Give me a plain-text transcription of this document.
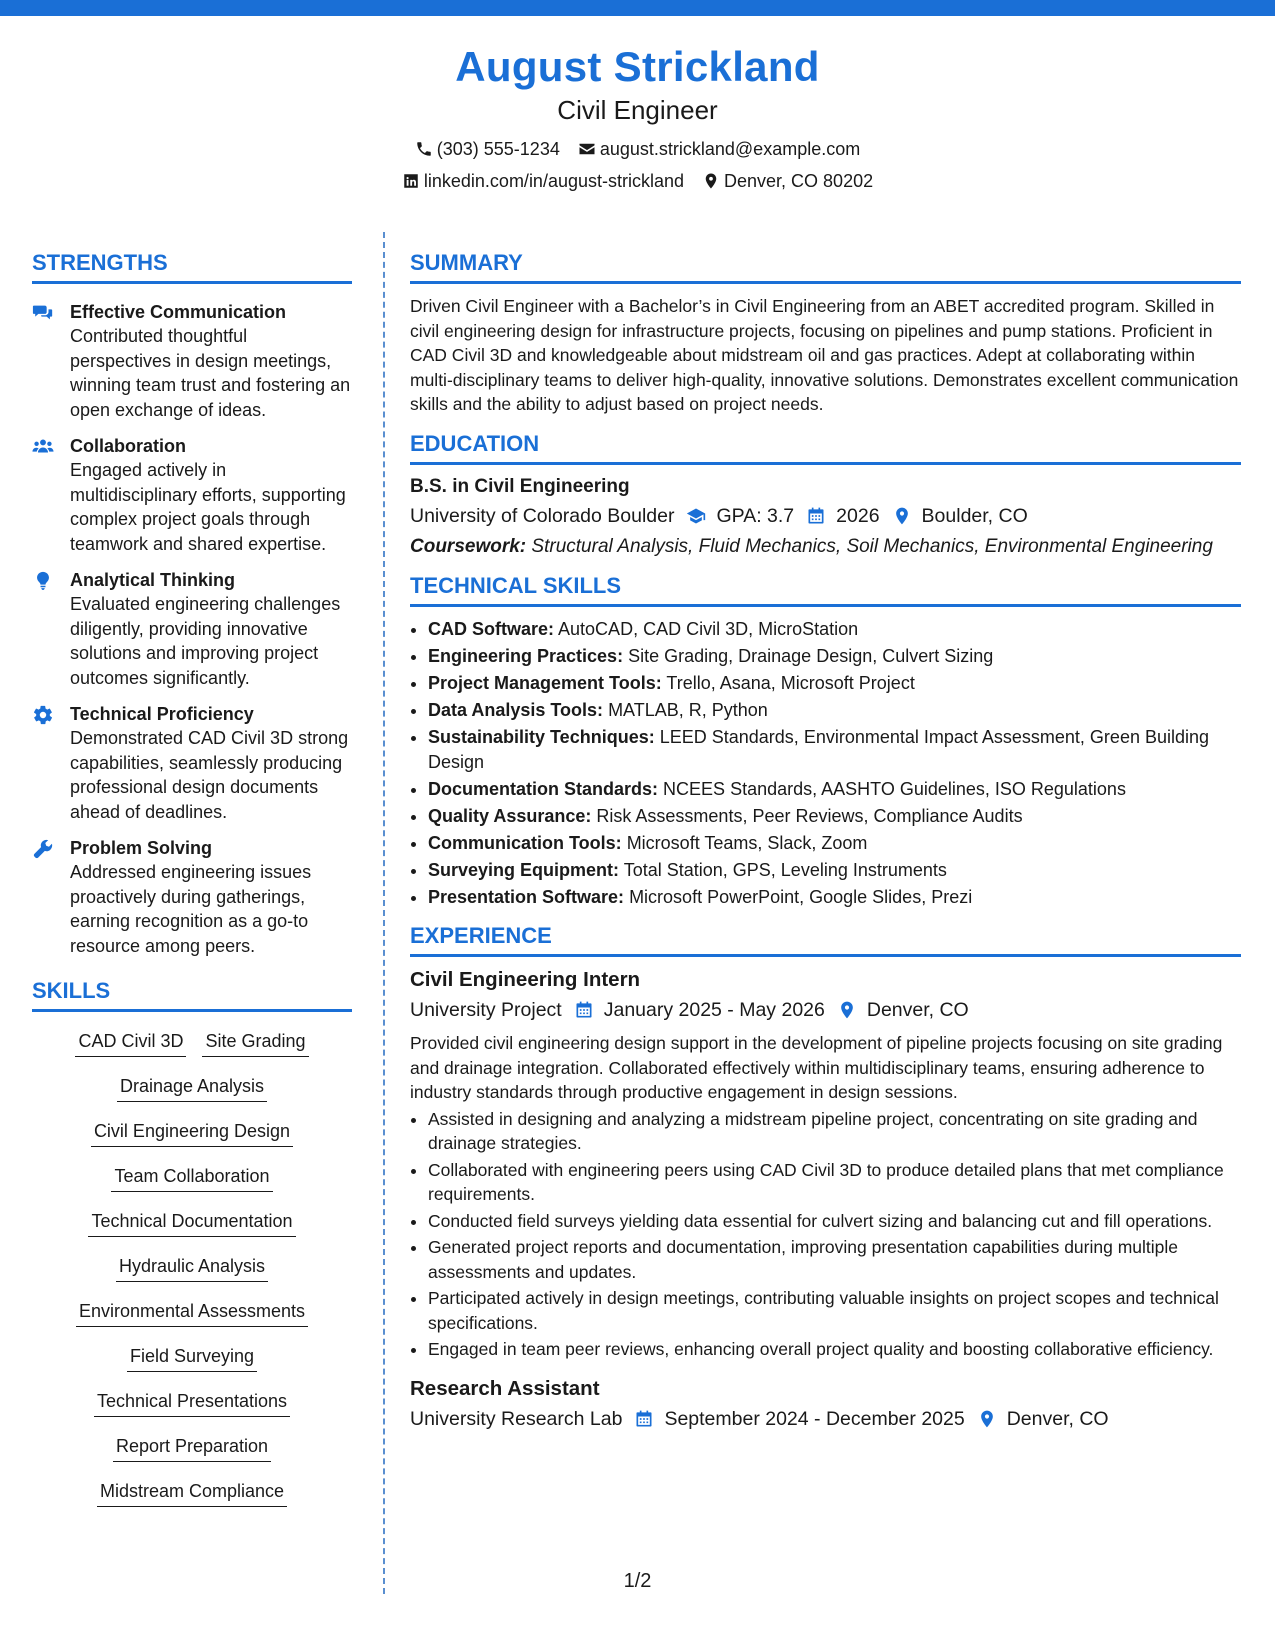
August Strickland
Civil Engineer
(303) 555-1234 august.strickland@example.com
linkedin.com/in/august-strickland Denver, CO 80202
STRENGTHS
Effective Communication
Contributed thoughtful perspectives in design meetings, winning team trust and fostering an open exchange of ideas.
Collaboration
Engaged actively in multidisciplinary efforts, supporting complex project goals through teamwork and shared expertise.
Analytical Thinking
Evaluated engineering challenges diligently, providing innovative solutions and improving project outcomes significantly.
Technical Proficiency
Demonstrated CAD Civil 3D strong capabilities, seamlessly producing professional design documents ahead of deadlines.
Problem Solving
Addressed engineering issues proactively during gatherings, earning recognition as a go-to resource among peers.
SKILLS
CAD Civil 3D Site Grading
Drainage Analysis
Civil Engineering Design
Team Collaboration
Technical Documentation
Hydraulic Analysis
Environmental Assessments
Field Surveying
Technical Presentations
Report Preparation
Midstream Compliance
SUMMARY
Driven Civil Engineer with a Bachelor’s in Civil Engineering from an ABET accredited program. Skilled in civil engineering design for infrastructure projects, focusing on pipelines and pump stations. Proficient in CAD Civil 3D and knowledgeable about midstream oil and gas practices. Adept at collaborating within multi-disciplinary teams to deliver high-quality, innovative solutions. Demonstrates excellent communication skills and the ability to adjust based on project needs.
EDUCATION
B.S. in Civil Engineering
University of Colorado Boulder GPA: 3.7 2026 Boulder, CO
Coursework: Structural Analysis, Fluid Mechanics, Soil Mechanics, Environmental Engineering
TECHNICAL SKILLS
• CAD Software: AutoCAD, CAD Civil 3D, MicroStation
• Engineering Practices: Site Grading, Drainage Design, Culvert Sizing
• Project Management Tools: Trello, Asana, Microsoft Project
• Data Analysis Tools: MATLAB, R, Python
• Sustainability Techniques: LEED Standards, Environmental Impact Assessment, Green Building Design
• Documentation Standards: NCEES Standards, AASHTO Guidelines, ISO Regulations
• Quality Assurance: Risk Assessments, Peer Reviews, Compliance Audits
• Communication Tools: Microsoft Teams, Slack, Zoom
• Surveying Equipment: Total Station, GPS, Leveling Instruments
• Presentation Software: Microsoft PowerPoint, Google Slides, Prezi
EXPERIENCE
Civil Engineering Intern
University Project January 2025 - May 2026 Denver, CO
Provided civil engineering design support in the development of pipeline projects focusing on site grading and drainage integration. Collaborated effectively within multidisciplinary teams, ensuring adherence to industry standards through productive engagement in design sessions.
• Assisted in designing and analyzing a midstream pipeline project, concentrating on site grading and drainage strategies.
• Collaborated with engineering peers using CAD Civil 3D to produce detailed plans that met compliance requirements.
• Conducted field surveys yielding data essential for culvert sizing and balancing cut and fill operations.
• Generated project reports and documentation, improving presentation capabilities during multiple assessments and updates.
• Participated actively in design meetings, contributing valuable insights on project scopes and technical specifications.
• Engaged in team peer reviews, enhancing overall project quality and boosting collaborative efficiency.
Research Assistant
University Research Lab September 2024 - December 2025 Denver, CO
1/2
